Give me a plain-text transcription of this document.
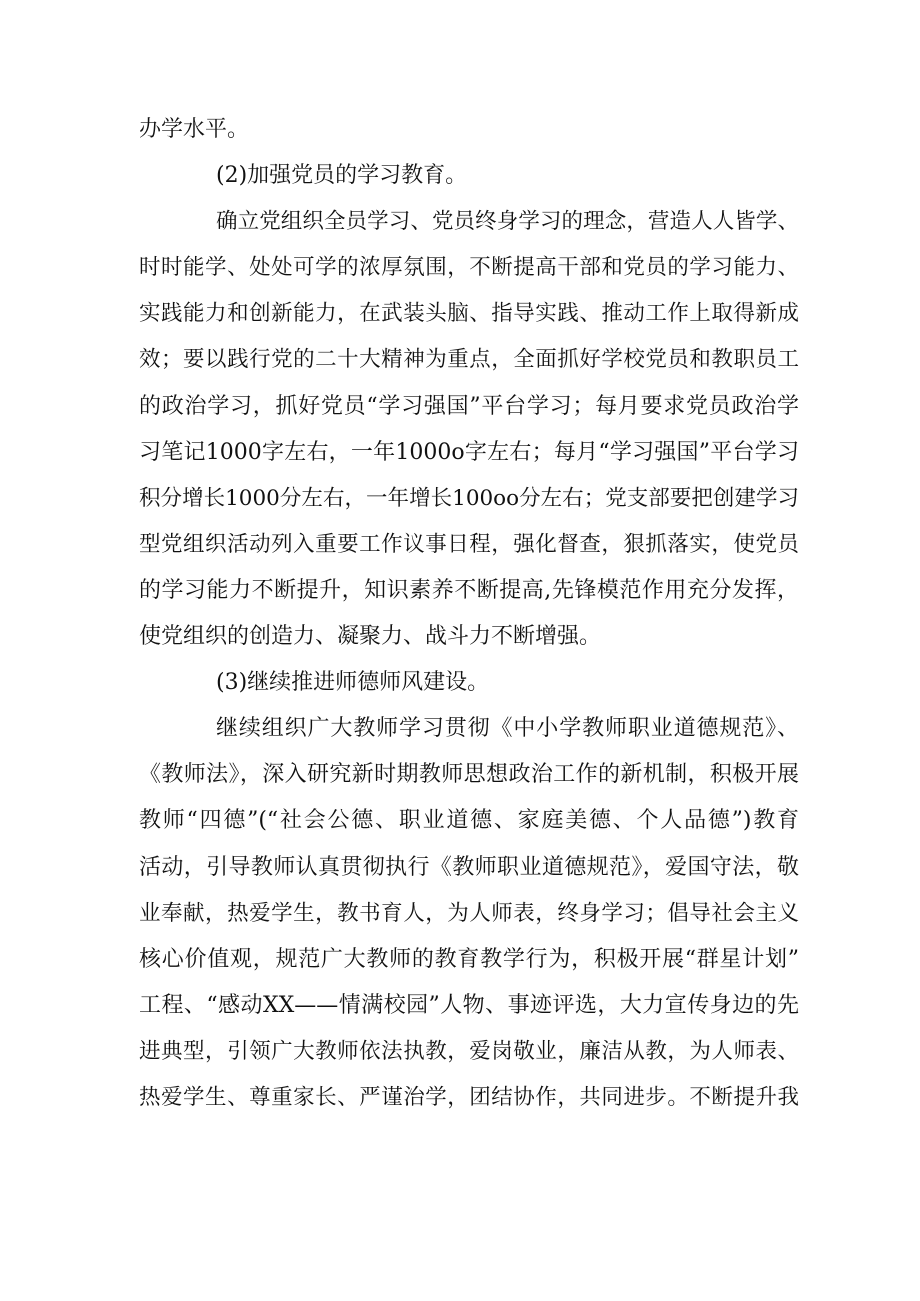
办学水平。
(2)加强党员的学习教育。
确立党组织全员学习、党员终身学习的理念，营造人人皆学、
时时能学、处处可学的浓厚氛围，不断提高干部和党员的学习能力、
实践能力和创新能力，在武装头脑、指导实践、推动工作上取得新成
效；要以践行党的二十大精神为重点，全面抓好学校党员和教职员工
的政治学习，抓好党员“学习强国”平台学习；每月要求党员政治学
习笔记1000字左右，一年1000o字左右；每月“学习强国”平台学习
积分增长1000分左右，一年增长100oo分左右；党支部要把创建学习
型党组织活动列入重要工作议事日程，强化督查，狠抓落实，使党员
的学习能力不断提升，知识素养不断提高,先锋模范作用充分发挥，
使党组织的创造力、凝聚力、战斗力不断增强。
(3)继续推进师德师风建设。
继续组织广大教师学习贯彻《中小学教师职业道德规范》、
《教师法》，深入研究新时期教师思想政治工作的新机制，积极开展
教师“四德”(“社会公德、职业道德、家庭美德、个人品德”)教育
活动，引导教师认真贯彻执行《教师职业道德规范》，爱国守法，敬
业奉献，热爱学生，教书育人，为人师表，终身学习；倡导社会主义
核心价值观，规范广大教师的教育教学行为，积极开展“群星计划”
工程、“感动XX——情满校园”人物、事迹评选，大力宣传身边的先
进典型，引领广大教师依法执教，爱岗敬业，廉洁从教，为人师表、
热爱学生、尊重家长、严谨治学，团结协作，共同进步。不断提升我
